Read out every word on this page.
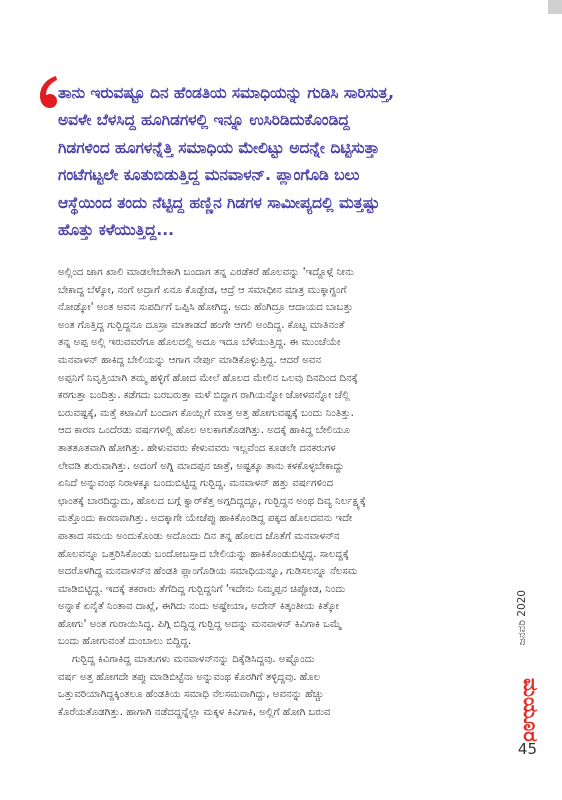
ತಾನು ಇರುವಷ್ಟೂ ದಿನ ಹೆಂಡತಿಯ ಸಮಾಧಿಯನ್ನು ಗುಡಿಸಿ ಸಾರಿಸುತ್ತ,
ಅವಳೇ ಬೆಳಸಿದ್ದ ಹೂಗಿಡಗಳಲ್ಲಿ ಇನ್ನೂ ಉಸಿರಿಡಿದುಕೊಂಡಿದ್ದ
ಗಿಡಗಳಿಂದ ಹೂಗಳನ್ನೆತ್ತಿ ಸಮಾಧಿಯ ಮೇಲಿಟ್ಟು ಅದನ್ನೇ ದಿಟ್ಟಿಸುತ್ತಾ
ಗಂಟೆಗಟ್ಟಲೇ ಕೂತುಬಿಡುತ್ತಿದ್ದ ಮನವಾಳನ್. ಪ್ಲಾಂಗೊಡಿ ಬಲು
ಆಸ್ಥೆಯಿಂದ ತಂದು ನೆಟ್ಟಿದ್ದ ಹಣ್ಣಿನ ಗಿಡಗಳ ಸಾಮೀಪ್ಯದಲ್ಲಿ ಮತ್ತಷ್ಟು
ಹೊತ್ತು ಕಳೆಯುತ್ತಿದ್ದ...

ಅಲ್ಲಿಂದ ಜಾಗ ಖಾಲಿ ಮಾಡಲೇಬೇಕಾಗಿ ಬಂದಾಗ ತನ್ನ ಎರಡೆಕರೆ ಹೊಲವನ್ನು 'ಇದ್ದೊಳ್ಗೆ ನೀನು
ಬೇಕಾದ್ದ ಬೆಳ್ಕೋ, ನಂಗೆ ಅದ್ರಾಗೆ ಏನೂ ಕೊಡ್ಬೇಡ, ಆದ್ರೆ ಆ ಸಮಾಧೀನ ಮಾತ್ರ ಮುಕ್ಕಾಗ್ದಂಗೆ
ನೋಡ್ಕೋ' ಅಂತ ಅವನ ಸುಪರ್ದಿಗೆ ಒಪ್ಪಿಸಿ ಹೋಗಿದ್ದ. ಅದು ಹೆಂಗಿದ್ರೂ ಆದಾಯದ ಬಾಬತ್ತು
ಅಂತ ಗೊತ್ತಿದ್ದ ಗುರ್‍ಬಿದ್ದನೂ ದೂಸ್ರಾ ಮಾತಾಡದೆ ಹಂಗೇ ಆಗಲಿ ಅಂದಿದ್ದ. ಕೊಟ್ಟ ಮಾತಿನಂತೆ
ತನ್ನ ಅಪ್ಪ ಅಲ್ಲಿ ಇರುವವರೆಗೂ ಹೊಲದಲ್ಲಿ ಅದೂ ಇದೂ ಬೆಳೆಯುತ್ತಿದ್ದ. ಈ ಮುಂಚೆಯೇ
ಮನವಾಳನ್ ಹಾಕಿದ್ದ ಬೇಲಿಯನ್ನು ಆಗಾಗ ನೇರ್ಪು ಮಾಡಿಕೊಳ್ಳುತ್ತಿದ್ದ. ಆದರೆ ಅವನ
ಅಪ್ಪನಿಗೆ ನಿವೃತ್ತಿಯಾಗಿ ತಮ್ಮ ಹಳ್ಳಿಗೆ ಹೋದ ಮೇಲೆ ಹೊಲದ ಮೇಲಿನ ಒಲವು ದಿನದಿಂದ ದಿನಕ್ಕೆ
ಕರಗುತ್ತಾ ಬಂದಿತ್ತು. ಕಡೆಗದು ಬರಬರುತ್ತಾ ಮಳೆ ಬಿದ್ದಾಗ ರಾಗಿಯನ್ನೋ ಜೋಳವನ್ನೋ ಚೆಲ್ಲಿ
ಬರುವಷ್ಟಕ್ಕೆ, ಮತ್ತೆ ಕಟಾವಿಗೆ ಬಂದಾಗ ಕೊಯ್ಲಿಗೆ ಮಾತ್ರ ಅತ್ತ ಹೋಗುವಷ್ಟಕ್ಕೆ ಬಂದು ನಿಂತಿತ್ತು.
ಆದ ಕಾರಣ ಒಂದೆರಡು ವರ್ಷಗಳಲ್ಲಿ ಹೊಲ ಅಲಕಾಗತೊಡಗಿತ್ತು. ಅದಕ್ಕೆ ಹಾಕಿದ್ದ ಬೇಲಿಯೂ
ತಾತತೂತವಾಗಿ ಹೋಗಿತ್ತು. ಹೇಳುವವರು ಕೇಳುವವರು ಇಲ್ಲವೆಂದ ಕೂಡಲೇ ದನಕರುಗಳ
ಲೇವಡಿ ಶುರುವಾಗಿತ್ತು. ಅದಂಗೆ ಅಗ್ನಿ ಮಾದಪ್ಪನ ಜಾತ್ರೆ, ಅಷ್ಟಕ್ಕೂ ತಾನು ಕಳಕೊಳ್ಳಬೇಕಾದ್ದು
ಏನಿದೆ ಅನ್ನುವಂಥ ನಿರಾಳಕ್ಕೂ ಬಂದುಬಿಟ್ಟಿದ್ದ ಗುರ್‍ಬಿದ್ದ. ಮನವಾಳನ್ ಹತ್ತು ವರ್ಷಗಳಿಂದ
ಛಾಂತಕ್ಕೆ ಬಾರದಿದ್ದುದು, ಹೊಲದ ಬಗ್ಗೆ ಕ್ವಾರ್‌ಕೆತ್ತ ಅಗ್ಗದಿದ್ದದ್ದೂ, ಗುರ್‍ಬಿದ್ದನ ಅಂಥ ದಿವ್ಯ ನಿರ್ಲಕ್ಷ್ಯಕ್ಕೆ
ಮತ್ತೊಂದು ಕಾರಣವಾಗಿತ್ತು. ಅದಕ್ಕಾಗೇ ಯೇಜೆಪ್ಪು ಹಾಕಿಕೊಂಡಿದ್ದ ಪಕ್ಕದ ಹೊಲದವನು ಇದೇ
ಪಾತಾದ ಸಮಯ ಅಂದುಕೊಂಡು ಅದೊಂದು ದಿನ ತನ್ನ ಹೊಲದ ಜೊತೆಗೆ ಮನವಾಳನ್‍ನ
ಹೊಲವನ್ನೂ ಒತ್ತರಿಸಿಕೊಂಡು ಬಂದೋಬಸ್ತಾದ ಬೇಲಿಯನ್ನು ಹಾಕಿಕೊಂಡುಬಿಟ್ಟಿದ್ದ. ಸಾಲದ್ದಕ್ಕೆ
ಅದರೊಳಗಿದ್ದ ಮನವಾಳನ್‍ನ ಹೆಂಡತಿ ಪ್ಲಾಂಗೊಡಿಯ ಸಮಾಧಿಯನ್ನೂ, ಗುಡಿಸಲನ್ನೂ ನೆಲಸಮ
ಮಾಡಿಬಿಟ್ಟಿದ್ದ. ಇದಕ್ಕೆ ತಕರಾರು ತೆಗೆದಿದ್ದ ಗುರ್‍ಬಿದ್ದನಿಗೆ 'ಇದೇನು ನಿಮ್ಮಪ್ಪನ ಚಿಪ್ಪೋಡ, ನಿಂದು
ಅನ್ನಾಕೆ ಏನೈತೆ ನಿಂತಾವ ದಾಖ್ಲೆ, ಈಗಿದು ನಂದು ಅಷ್ಟೇಯಾ, ಅದೇನ್ ಕಿತ್ಕಂತೀಯ ಕಿತ್ಕೋ
ಹೋಗು' ಅಂತ ಗುರಾಯಿಸಿದ್ದ. ಪಿಗ್ಗಿ ಬಿದ್ದಿದ್ದ ಗುರ್‍ಬಿದ್ದ ಅದನ್ನು ಮನವಾಳನ್ ಕಿವಿಗಾಕಿ ಒಮ್ಮೆ
ಬಂದು ಹೋಗುವಂತೆ ದುಂಬಾಲು ಬಿದ್ದಿದ್ದ.

ಗುರ್‍ಬಿದ್ದ ಕಿವಿಗಾಕಿದ್ದ ಮಾತುಗಳು ಮನವಾಳನ್‍ನನ್ನು ದಿಕ್ಕೆಡಿಸಿದ್ದವು. ಅಷ್ಟೊಂದು
ವರ್ಷ ಅತ್ತ ಹೋಗದೇ ತಪ್ಪು ಮಾಡಿಬಿಟ್ಟೆನಾ ಅನ್ನುವಂಥ ಕೊರಗಿಗೆ ತಳ್ಳಿದ್ದವು. ಹೊಲ
ಒತ್ತುವರಿಯಾಗಿದ್ದಕ್ಕಿಂತಲೂ ಹೆಂಡತಿಯ ಸಮಾಧಿ ನೆಲಸಮವಾಗಿದ್ದು, ಅವನನ್ನು ಹೆಚ್ಚು
ಕೊರೆಯತೊಡಗಿತ್ತು. ಹಾಗಾಗಿ ನಡೆದದ್ದನ್ನೆಲ್ಲಾ ಮಕ್ಕಳ ಕಿವಿಗಾಕಿ, ಅಲ್ಲಿಗೆ ಹೋಗಿ ಬರುವ

ಜನವರಿ 2020
ಮಯೂರ
45
